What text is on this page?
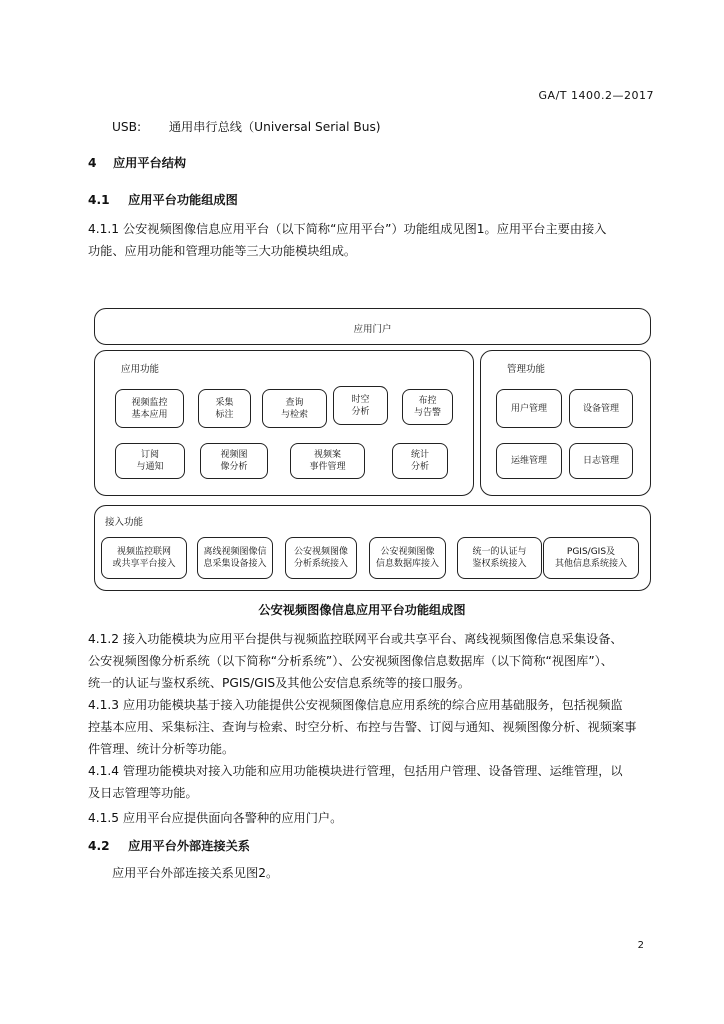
GA/T 1400.2—2017
USB: 通用串行总线（Universal Serial Bus)
4 应用平台结构
4.1 应用平台功能组成图
4.1.1 公安视频图像信息应用平台（以下简称“应用平台”）功能组成见图1。应用平台主要由接入
功能、应用功能和管理功能等三大功能模块组成。
应用门户
应用功能	管理功能
接入功能
视频监控
基本应用
采集
标注
查询
与检索
时空
分析
布控
与告警
订阅
与通知
视频图
像分析
视频案
事件管理
统计
分析
用户管理	设备管理
运维管理	日志管理
视频监控联网
或共享平台接入
离线视频图像信
息采集设备接入
公安视频图像
分析系统接入
公安视频图像
信息数据库接入
统一的认证与
鉴权系统接入
PGIS/GIS及
其他信息系统接入
公安视频图像信息应用平台功能组成图
4.1.2 接入功能模块为应用平台提供与视频监控联网平台或共享平台、离线视频图像信息采集设备、
公安视频图像分析系统（以下简称“分析系统”）、公安视频图像信息数据库（以下简称“视图库”）、
统一的认证与鉴权系统、PGIS/GIS及其他公安信息系统等的接口服务。
4.1.3 应用功能模块基于接入功能提供公安视频图像信息应用系统的综合应用基础服务，包括视频监
控基本应用、采集标注、查询与检索、时空分析、布控与告警、订阅与通知、视频图像分析、视频案事
件管理、统计分析等功能。
4.1.4 管理功能模块对接入功能和应用功能模块进行管理，包括用户管理、设备管理、运维管理，以
及日志管理等功能。
4.1.5 应用平台应提供面向各警种的应用门户。
4.2 应用平台外部连接关系
应用平台外部连接关系见图2。
2
